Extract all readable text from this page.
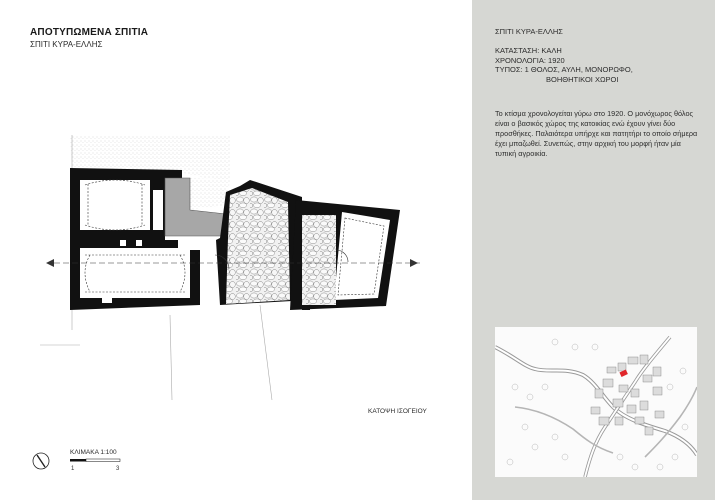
ΑΠΟΤΥΠΩΜΕΝΑ ΣΠΙΤΙΑ
ΣΠΙΤΙ ΚΥΡΑ-ΕΛΛΗΣ
ΚΑΤΟΨΗ ΙΣΟΓΕΙΟΥ
ΚΛΙΜΑΚΑ 1:100
1	3
ΣΠΙΤΙ ΚΥΡΑ-ΕΛΛΗΣ
ΚΑΤΑΣΤΑΣΗ: ΚΑΛΗ
ΧΡΟΝΟΛΟΓΙΑ: 1920
ΤΥΠΟΣ: 1 ΘΟΛΟΣ, ΑΥΛΗ, ΜΟΝΟΡΩΦΟ,
ΒΟΗΘΗΤΙΚΟΙ ΧΩΡΟΙ
Το κτίσμα χρονολογείται γύρω στο 1920. Ο μονόχωρος θόλος είναι ο βασικός χώρος της κατοικίας ενώ έχουν γίνει δύο προσθήκες. Παλαιότερα υπήρχε και πατητήρι το οποίο σήμερα έχει μπαζωθεί. Συνεπώς, στην αρχική του μορφή ήταν μία τυπική αγροικία.
